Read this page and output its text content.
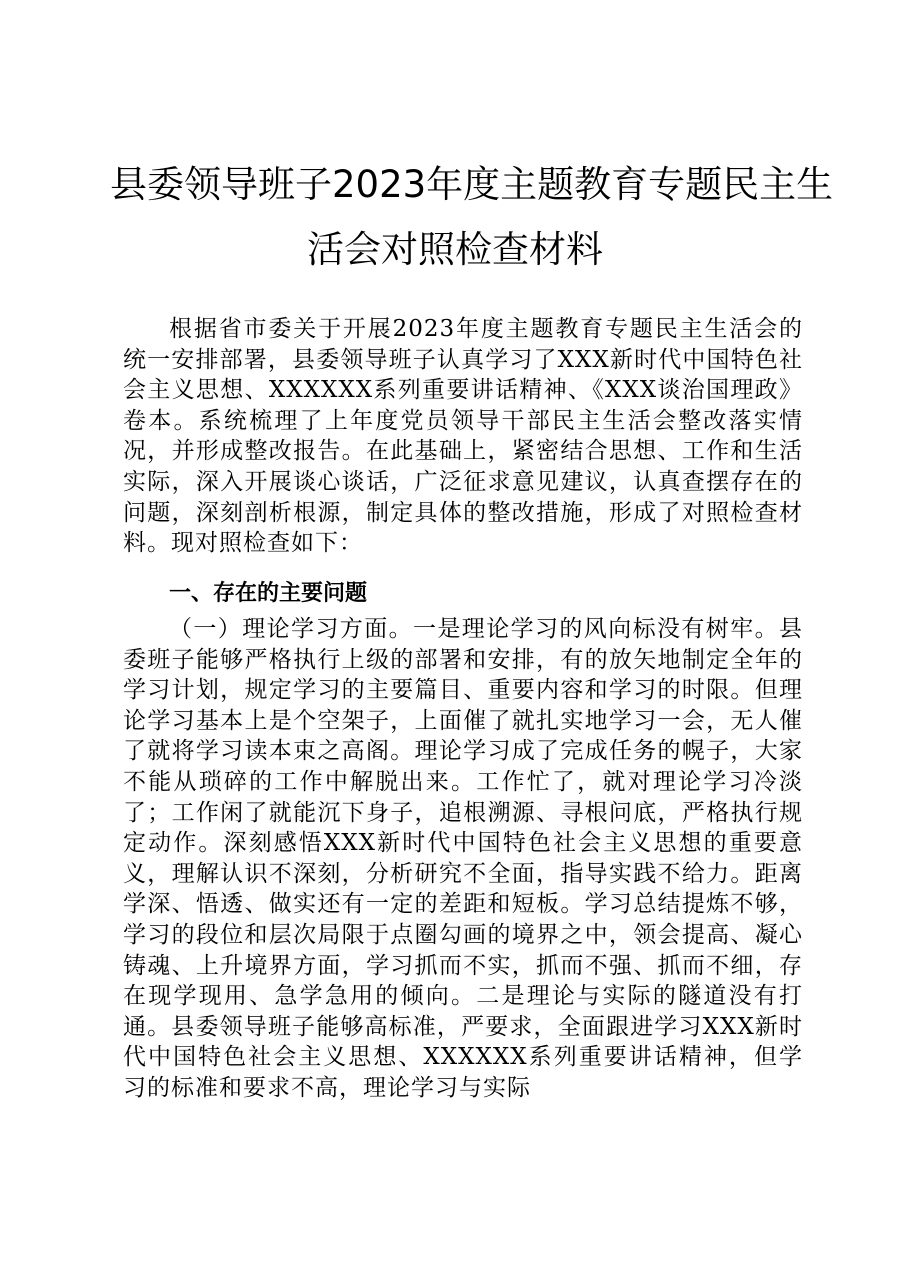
县委领导班子2023年度主题教育专题民主生
活会对照检查材料

根据省市委关于开展2023年度主题教育专题民主生活会的统一安排部署，县委领导班子认真学习了XXX新时代中国特色社会主义思想、XXXXXX系列重要讲话精神、《XXX谈治国理政》卷本。系统梳理了上年度党员领导干部民主生活会整改落实情况，并形成整改报告。在此基础上，紧密结合思想、工作和生活实际，深入开展谈心谈话，广泛征求意见建议，认真查摆存在的问题，深刻剖析根源，制定具体的整改措施，形成了对照检查材料。现对照检查如下：

一、存在的主要问题

（一）理论学习方面。一是理论学习的风向标没有树牢。县委班子能够严格执行上级的部署和安排，有的放矢地制定全年的学习计划，规定学习的主要篇目、重要内容和学习的时限。但理论学习基本上是个空架子，上面催了就扎实地学习一会，无人催了就将学习读本束之高阁。理论学习成了完成任务的幌子，大家不能从琐碎的工作中解脱出来。工作忙了，就对理论学习冷淡了；工作闲了就能沉下身子，追根溯源、寻根问底，严格执行规定动作。深刻感悟XXX新时代中国特色社会主义思想的重要意义，理解认识不深刻，分析研究不全面，指导实践不给力。距离学深、悟透、做实还有一定的差距和短板。学习总结提炼不够，学习的段位和层次局限于点圈勾画的境界之中，领会提高、凝心铸魂、上升境界方面，学习抓而不实，抓而不强、抓而不细，存在现学现用、急学急用的倾向。二是理论与实际的隧道没有打通。县委领导班子能够高标准，严要求，全面跟进学习XXX新时代中国特色社会主义思想、XXXXXX系列重要讲话精神，但学习的标准和要求不高，理论学习与实际
